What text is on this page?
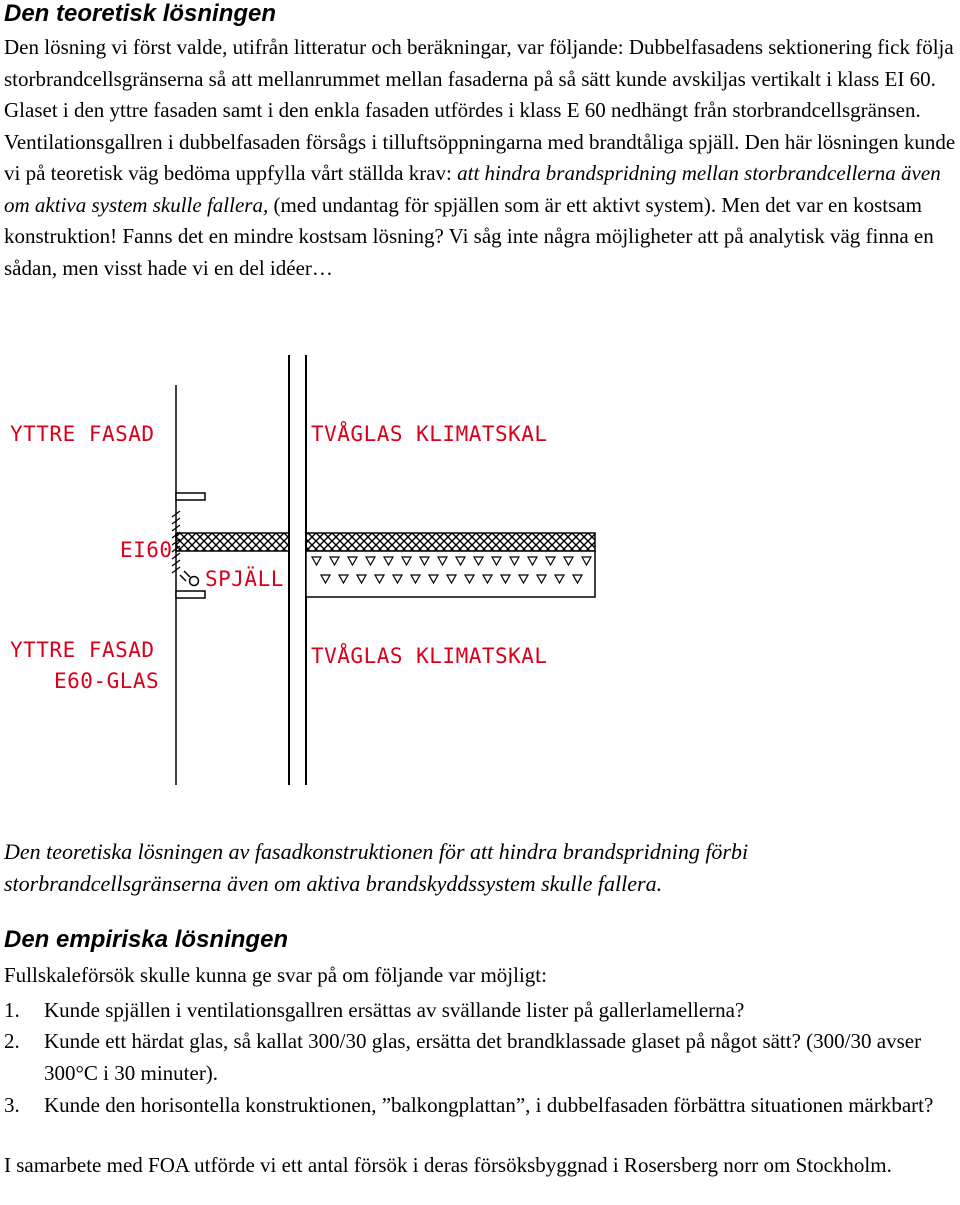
Den teoretisk lösningen

Den lösning vi först valde, utifrån litteratur och beräkningar, var följande: Dubbelfasadens sektionering fick följa storbrandcellsgränserna så att mellanrummet mellan fasaderna på så sätt kunde avskiljas vertikalt i klass EI 60. Glaset i den yttre fasaden samt i den enkla fasaden utfördes i klass E 60 nedhängt från storbrandcellsgränsen. Ventilationsgallren i dubbelfasaden försågs i tilluftsöppningarna med brandtåliga spjäll. Den här lösningen kunde vi på teoretisk väg bedöma uppfylla vårt ställda krav: att hindra brandspridning mellan storbrandcellerna även om aktiva system skulle fallera, (med undantag för spjällen som är ett aktivt system). Men det var en kostsam konstruktion! Fanns det en mindre kostsam lösning? Vi såg inte några möjligheter att på analytisk väg finna en sådan, men visst hade vi en del idéer…

YTTRE FASAD	TVÅGLAS KLIMATSKAL
EI60
SPJÄLL
YTTRE FASAD
E60-GLAS
TVÅGLAS KLIMATSKAL

Den teoretiska lösningen av fasadkonstruktionen för att hindra brandspridning förbi storbrandcellsgränserna även om aktiva brandskyddssystem skulle fallera.

Den empiriska lösningen

Fullskaleförsök skulle kunna ge svar på om följande var möjligt:

1. Kunde spjällen i ventilationsgallren ersättas av svällande lister på gallerlamellerna?
2. Kunde ett härdat glas, så kallat 300/30 glas, ersätta det brandklassade glaset på något sätt? (300/30 avser 300°C i 30 minuter).
3. Kunde den horisontella konstruktionen, ”balkongplattan”, i dubbelfasaden förbättra situationen märkbart?

I samarbete med FOA utförde vi ett antal försök i deras försöksbyggnad i Rosersberg norr om Stockholm.
